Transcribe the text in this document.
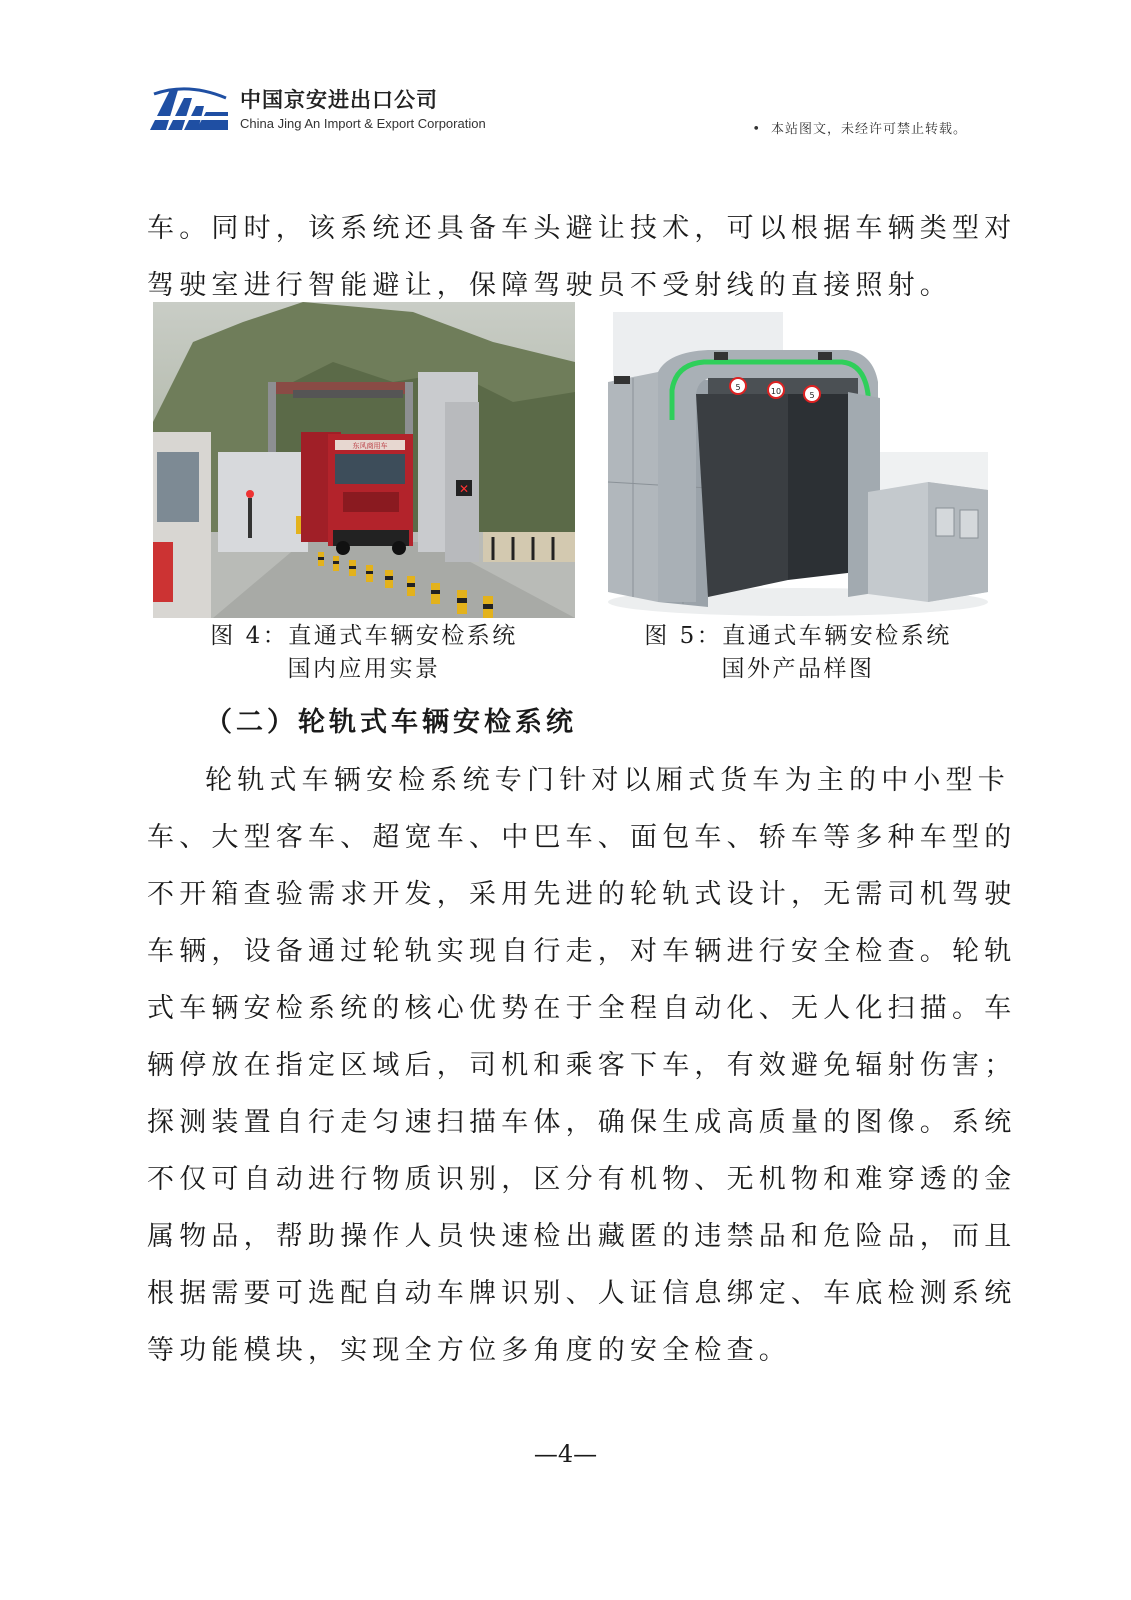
中国京安进出口公司
China Jing An Import & Export Corporation
•	本站图文，未经许可禁止转载。
车。同时，该系统还具备车头避让技术，可以根据车辆类型对
驾驶室进行智能避让，保障驾驶员不受射线的直接照射。
✕
东风商用车
5	10	5
图 4：直通式车辆安检系统
国内应用实景
图 5：直通式车辆安检系统
国外产品样图
（二）轮轨式车辆安检系统
轮轨式车辆安检系统专门针对以厢式货车为主的中小型卡
车、大型客车、超宽车、中巴车、面包车、轿车等多种车型的
不开箱查验需求开发，采用先进的轮轨式设计，无需司机驾驶
车辆，设备通过轮轨实现自行走，对车辆进行安全检查。轮轨
式车辆安检系统的核心优势在于全程自动化、无人化扫描。车
辆停放在指定区域后，司机和乘客下车，有效避免辐射伤害；
探测装置自行走匀速扫描车体，确保生成高质量的图像。系统
不仅可自动进行物质识别，区分有机物、无机物和难穿透的金
属物品，帮助操作人员快速检出藏匿的违禁品和危险品，而且
根据需要可选配自动车牌识别、人证信息绑定、车底检测系统
等功能模块，实现全方位多角度的安全检查。
—4—
